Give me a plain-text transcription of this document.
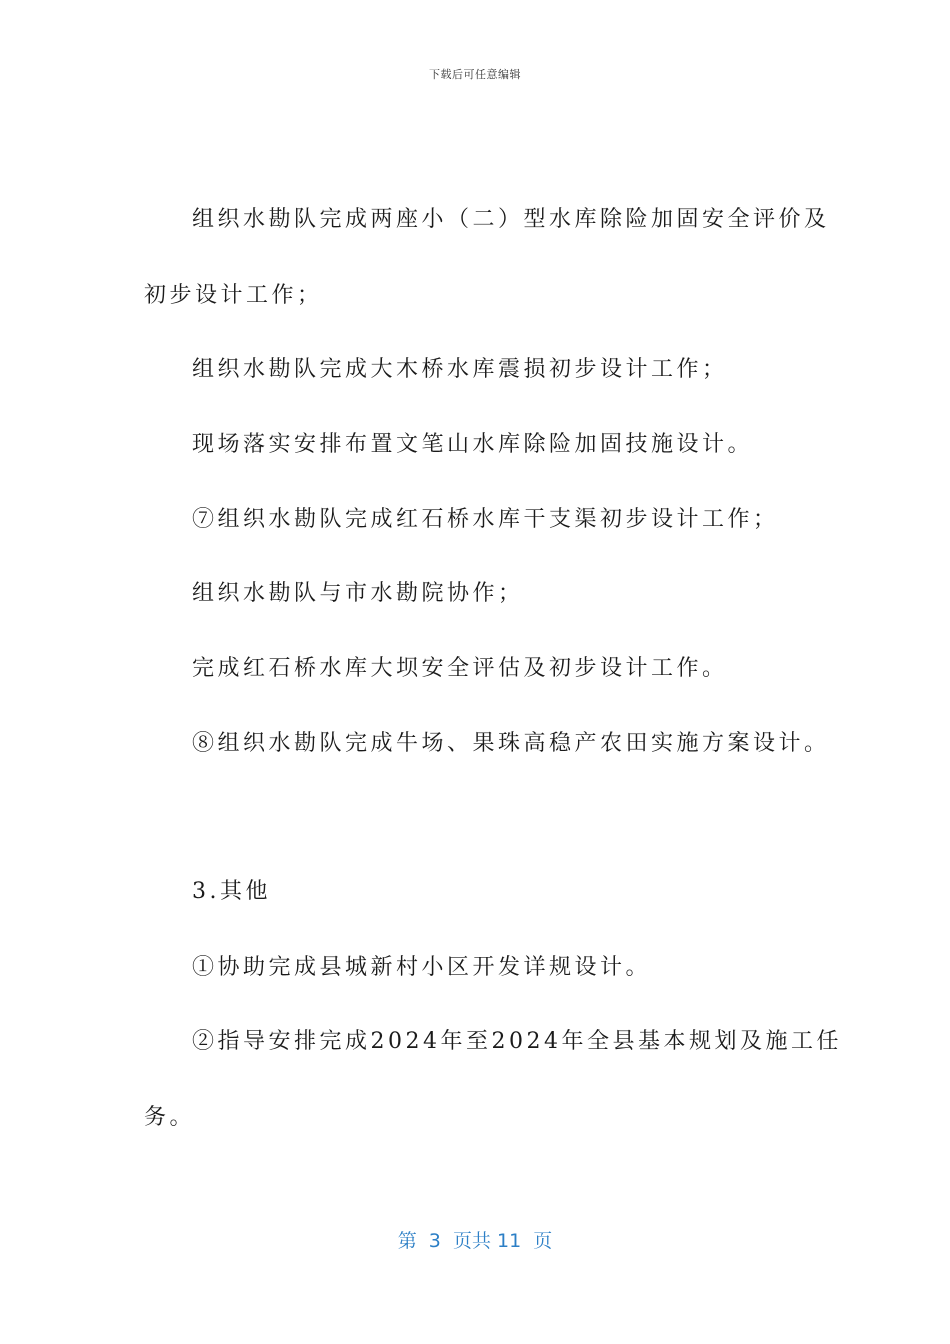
下载后可任意编辑
组织水勘队完成两座小（二）型水库除险加固安全评价及
初步设计工作；
组织水勘队完成大木桥水库震损初步设计工作；
现场落实安排布置文笔山水库除险加固技施设计。
⑦组织水勘队完成红石桥水库干支渠初步设计工作；
组织水勘队与市水勘院协作；
完成红石桥水库大坝安全评估及初步设计工作。
⑧组织水勘队完成牛场、果珠高稳产农田实施方案设计。
3.其他
①协助完成县城新村小区开发详规设计。
②指导安排完成2024年至2024年全县基本规划及施工任
务。
第  3  页共 11  页
